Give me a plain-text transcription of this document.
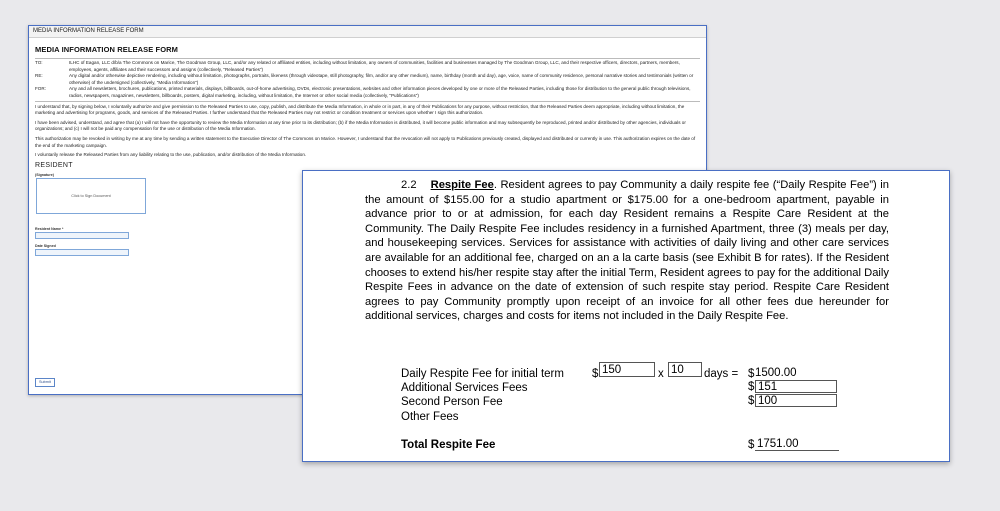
MEDIA INFORMATION RELEASE FORM
MEDIA INFORMATION RELEASE FORM
TO:	ILHC of Eagan, LLC d/b/a The Commons on Marice, The Goodman Group, LLC, and/or any related or affiliated entities, including without limitation, any owners of communities, facilities and businesses managed by The Goodman Group, LLC, and their respective officers, directors, partners, members, employees, agents, affiliates and their successors and assigns (collectively, "Released Parties")
RE:	Any digital and/or otherwise depictive rendering, including without limitation, photographs, portraits, likeness (through videotape, still photography, film, and/or any other medium), name, birthday (month and day), age, voice, name of community residence, personal narrative stories and testimonials (written or otherwise) of the undersigned (collectively, "Media Information")
FOR:	Any and all newsletters, brochures, publications, printed materials, displays, billboards, out-of-home advertising, DVDs, electronic presentations, websites and other information pieces developed by one or more of the Released Parties, including those for distribution to the general public through televisions, radios, newspapers, magazines, newsletters, billboards, posters, digital marketing, including, without limitation, the Internet or other social media (collectively, "Publications")
I understand that, by signing below, I voluntarily authorize and give permission to the Released Parties to use, copy, publish, and distribute the Media Information, in whole or in part, in any of their Publications for any purpose, without restriction, that the Released Parties deem appropriate, including without limitation, the marketing and advertising for programs, goods, and services of the Released Parties. I further understand that the Released Parties may not restrict or condition treatment or services upon whether I sign this authorization.
I have been advised, understand, and agree that (a) I will not have the opportunity to review the Media Information at any time prior to its distribution; (b) if the Media Information is distributed, it will become public information and may subsequently be reproduced, printed and/or distributed by other agencies, individuals or organizations; and (c) I will not be paid any compensation for the use or distribution of the Media Information.
This authorization may be revoked in writing by me at any time by sending a written statement to the Executive Director of The Commons on Marice. However, I understand that the revocation will not apply to Publications previously created, displayed and distributed or currently in use. This authorization expires on the date of the end of the marketing campaign.
I voluntarily release the Released Parties from any liability relating to the use, publication, and/or distribution of the Media Information.
RESIDENT
(Signature)
Click to Sign Document
Resident Name *
Date Signed
Submit
2.2 Respite Fee. Resident agrees to pay Community a daily respite fee (“Daily Respite Fee”) in the amount of $155.00 for a studio apartment or $175.00 for a one-bedroom apartment, payable in advance prior to or at admission, for each day Resident remains a Respite Care Resident at the Community. The Daily Respite Fee includes residency in a furnished Apartment, three (3) meals per day, and housekeeping services. Services for assistance with activities of daily living and other care services are available for an additional fee, charged on an a la carte basis (see Exhibit B for rates). If the Resident chooses to extend his/her respite stay after the initial Term, Resident agrees to pay for the additional Daily Respite Fees in advance on the date of extension of such respite stay period. Respite Care Resident agrees to pay Community promptly upon receipt of an invoice for all other fees due hereunder for additional services, charges and costs for items not included in the Daily Respite Fee.
Daily Respite Fee for initial term $ 150	x 10	days = $ 1500.00
Additional Services Fees	$ 151
Second Person Fee	$ 100
Other Fees
Total Respite Fee	$ 1751.00
